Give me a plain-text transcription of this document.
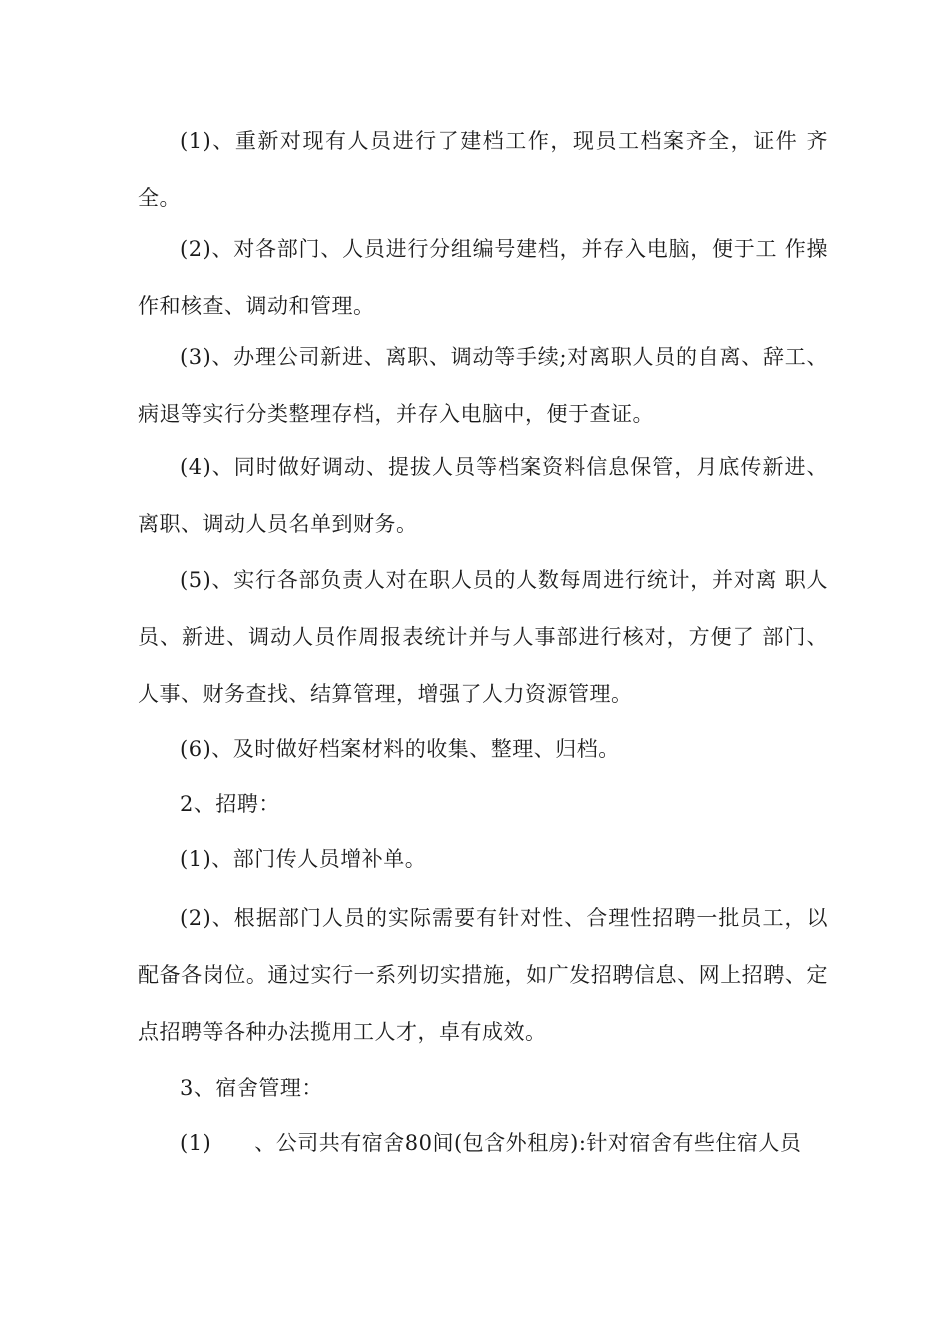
(1)、重新对现有人员进行了建档工作，现员工档案齐全，证件 齐全。

(2)、对各部门、人员进行分组编号建档，并存入电脑，便于工 作操作和核查、调动和管理。

(3)、办理公司新进、离职、调动等手续;对离职人员的自离、辞工、病退等实行分类整理存档，并存入电脑中，便于查证。

(4)、同时做好调动、提拔人员等档案资料信息保管，月底传新进、离职、调动人员名单到财务。

(5)、实行各部负责人对在职人员的人数每周进行统计，并对离 职人员、新进、调动人员作周报表统计并与人事部进行核对，方便了 部门、人事、财务查找、结算管理，增强了人力资源管理。

(6)、及时做好档案材料的收集、整理、归档。

2、招聘：

(1)、部门传人员增补单。

(2)、根据部门人员的实际需要有针对性、合理性招聘一批员工，以配备各岗位。通过实行一系列切实措施，如广发招聘信息、网上招聘、定点招聘等各种办法揽用工人才，卓有成效。

3、宿舍管理：

(1)　　、公司共有宿舍80间(包含外租房):针对宿舍有些住宿人员
